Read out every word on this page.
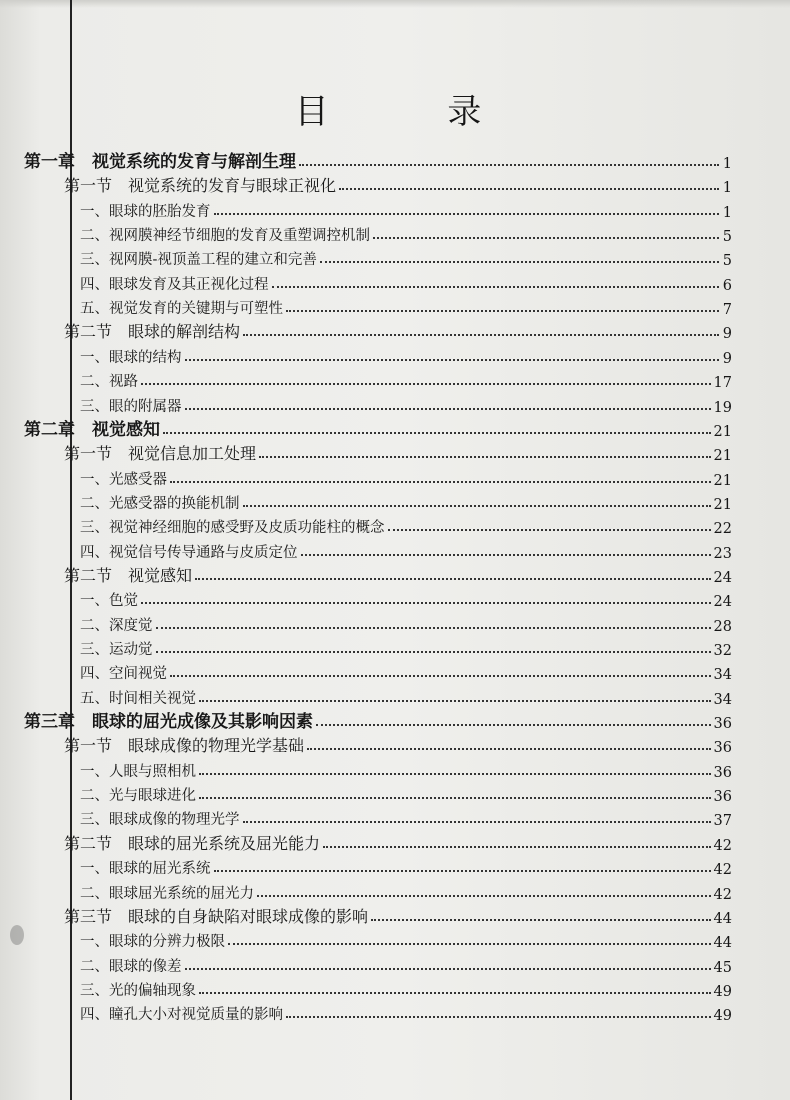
目 录
第一章　视觉系统的发育与解剖生理	1
第一节　视觉系统的发育与眼球正视化	1
一、眼球的胚胎发育	1
二、视网膜神经节细胞的发育及重塑调控机制	5
三、视网膜-视顶盖工程的建立和完善	5
四、眼球发育及其正视化过程	6
五、视觉发育的关键期与可塑性	7
第二节　眼球的解剖结构	9
一、眼球的结构	9
二、视路	17
三、眼的附属器	19
第二章　视觉感知	21
第一节　视觉信息加工处理	21
一、光感受器	21
二、光感受器的换能机制	21
三、视觉神经细胞的感受野及皮质功能柱的概念	22
四、视觉信号传导通路与皮质定位	23
第二节　视觉感知	24
一、色觉	24
二、深度觉	28
三、运动觉	32
四、空间视觉	34
五、时间相关视觉	34
第三章　眼球的屈光成像及其影响因素	36
第一节　眼球成像的物理光学基础	36
一、人眼与照相机	36
二、光与眼球进化	36
三、眼球成像的物理光学	37
第二节　眼球的屈光系统及屈光能力	42
一、眼球的屈光系统	42
二、眼球屈光系统的屈光力	42
第三节　眼球的自身缺陷对眼球成像的影响	44
一、眼球的分辨力极限	44
二、眼球的像差	45
三、光的偏轴现象	49
四、瞳孔大小对视觉质量的影响	49
